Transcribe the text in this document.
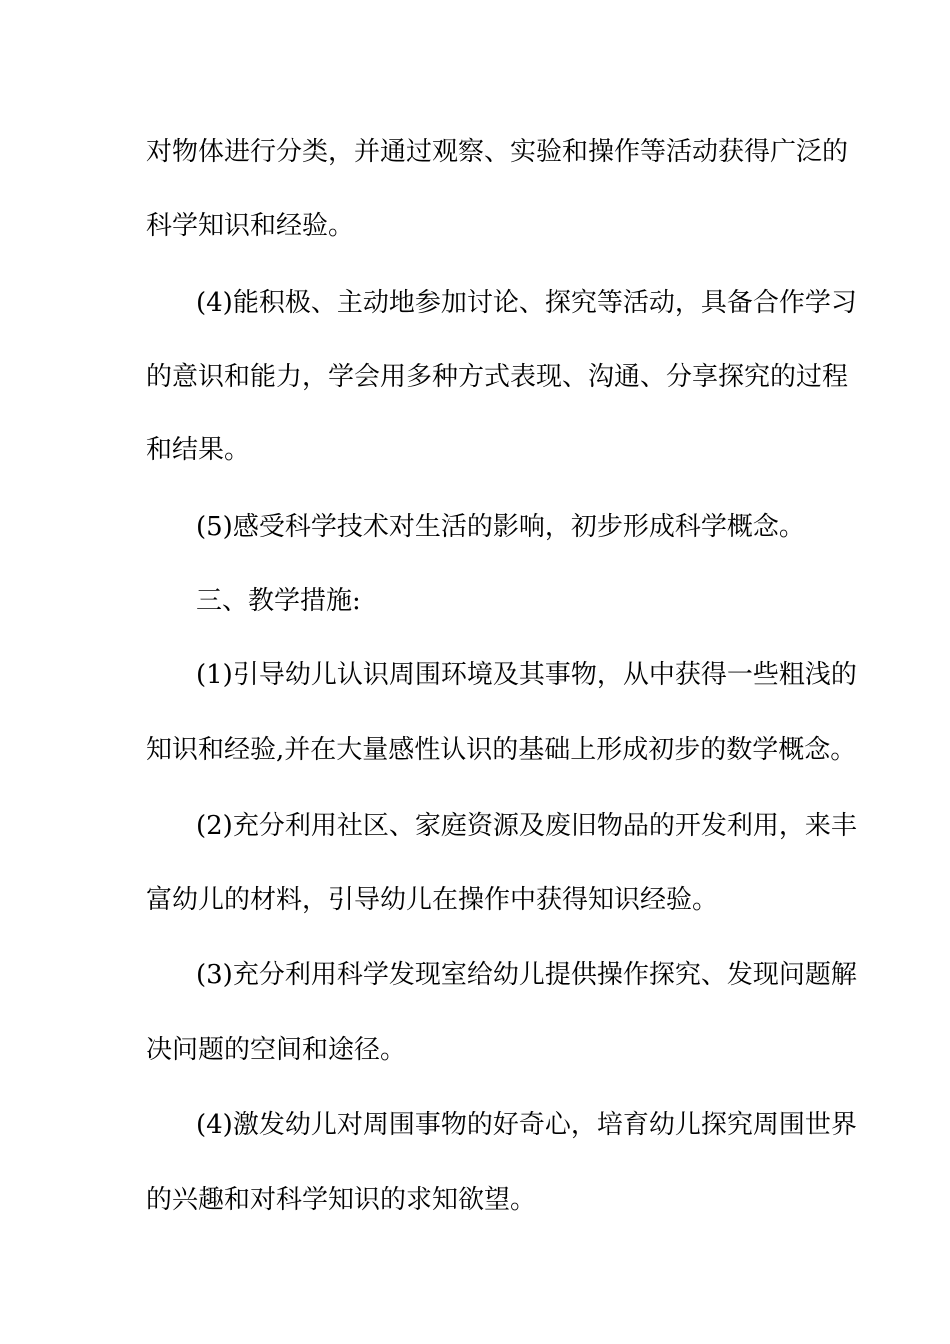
对物体进行分类，并通过观察、实验和操作等活动获得广泛的
科学知识和经验。
(4)能积极、主动地参加讨论、探究等活动，具备合作学习
的意识和能力，学会用多种方式表现、沟通、分享探究的过程
和结果。
(5)感受科学技术对生活的影响，初步形成科学概念。
三、教学措施:
(1)引导幼儿认识周围环境及其事物，从中获得一些粗浅的
知识和经验,并在大量感性认识的基础上形成初步的数学概念。
(2)充分利用社区、家庭资源及废旧物品的开发利用，来丰
富幼儿的材料，引导幼儿在操作中获得知识经验。
(3)充分利用科学发现室给幼儿提供操作探究、发现问题解
决问题的空间和途径。
(4)激发幼儿对周围事物的好奇心，培育幼儿探究周围世界
的兴趣和对科学知识的求知欲望。
